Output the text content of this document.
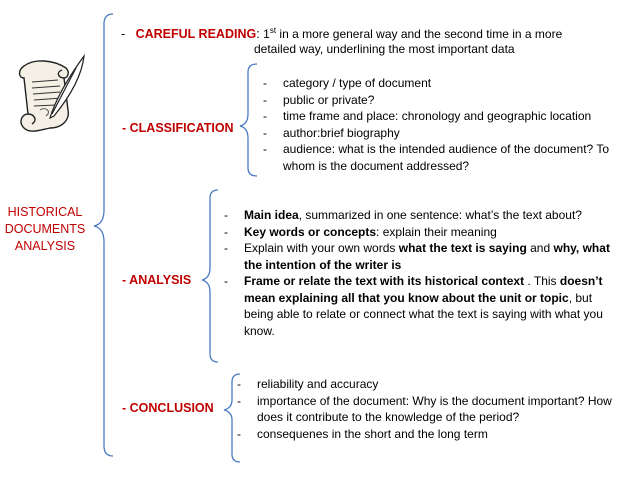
HISTORICAL
DOCUMENTS
ANALYSIS
- CAREFUL READING: 1st in a more general way and the second time in a more
detailed way, underlining the most important data
- CLASSIFICATION
- category / type of document
- public or private?
- time frame and place: chronology and geographic location
- author:brief biography
- audience: what is the intended audience of the document? To whom is the document addressed?
- ANALYSIS
- Main idea, summarized in one sentence: what’s the text about?
- Key words or concepts: explain their meaning
- Explain with your own words what the text is saying and why, what the intention of the writer is
- Frame or relate the text with its historical context . This doesn’t mean explaining all that you know about the unit or topic, but being able to relate or connect what the text is saying with what you know.
- CONCLUSION
- reliability and accuracy
- importance of the document: Why is the document important? How does it contribute to the knowledge of the period?
- consequenes in the short and the long term
